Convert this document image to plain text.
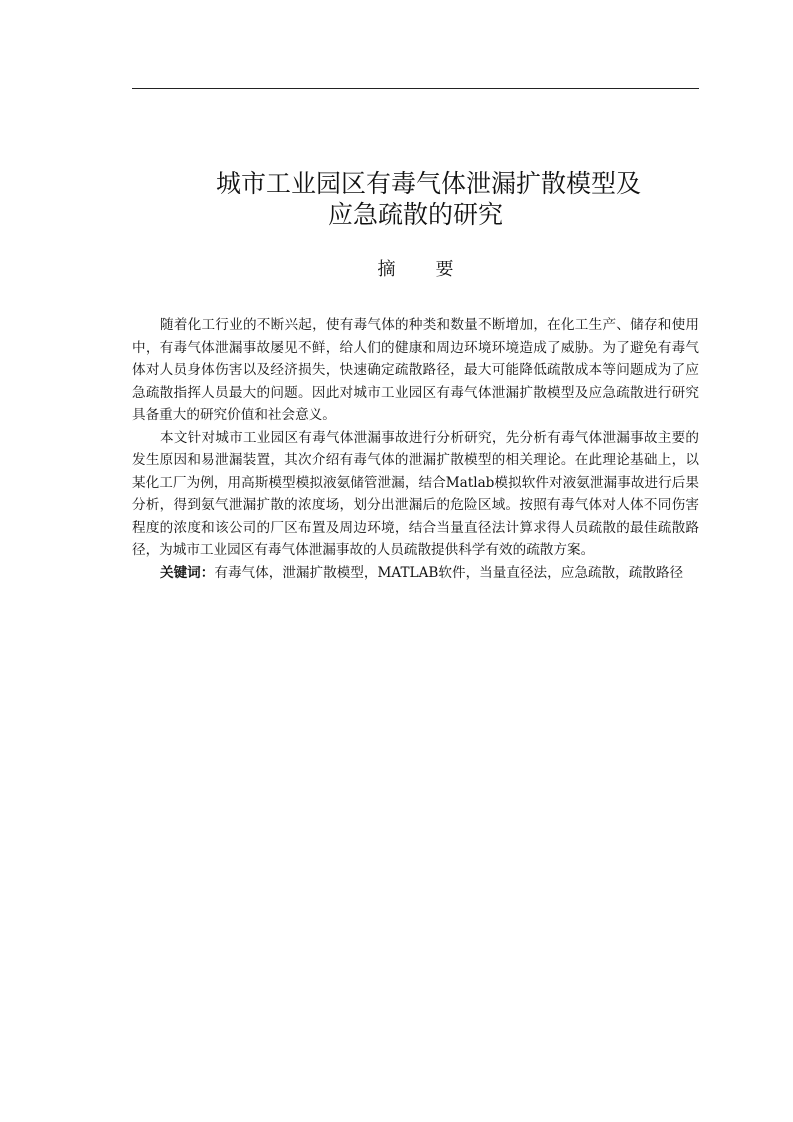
城市工业园区有毒气体泄漏扩散模型及
应急疏散的研究
摘要

随着化工行业的不断兴起，使有毒气体的种类和数量不断增加，在化工生产、储存和使用中，有毒气体泄漏事故屡见不鲜，给人们的健康和周边环境环境造成了威胁。为了避免有毒气体对人员身体伤害以及经济损失，快速确定疏散路径，最大可能降低疏散成本等问题成为了应急疏散指挥人员最大的问题。因此对城市工业园区有毒气体泄漏扩散模型及应急疏散进行研究具备重大的研究价值和社会意义。

本文针对城市工业园区有毒气体泄漏事故进行分析研究，先分析有毒气体泄漏事故主要的发生原因和易泄漏装置，其次介绍有毒气体的泄漏扩散模型的相关理论。在此理论基础上，以某化工厂为例，用高斯模型模拟液氨储管泄漏，结合Matlab模拟软件对液氨泄漏事故进行后果分析，得到氨气泄漏扩散的浓度场，划分出泄漏后的危险区域。按照有毒气体对人体不同伤害程度的浓度和该公司的厂区布置及周边环境，结合当量直径法计算求得人员疏散的最佳疏散路径，为城市工业园区有毒气体泄漏事故的人员疏散提供科学有效的疏散方案。

关键词：有毒气体，泄漏扩散模型，MATLAB软件，当量直径法，应急疏散，疏散路径
